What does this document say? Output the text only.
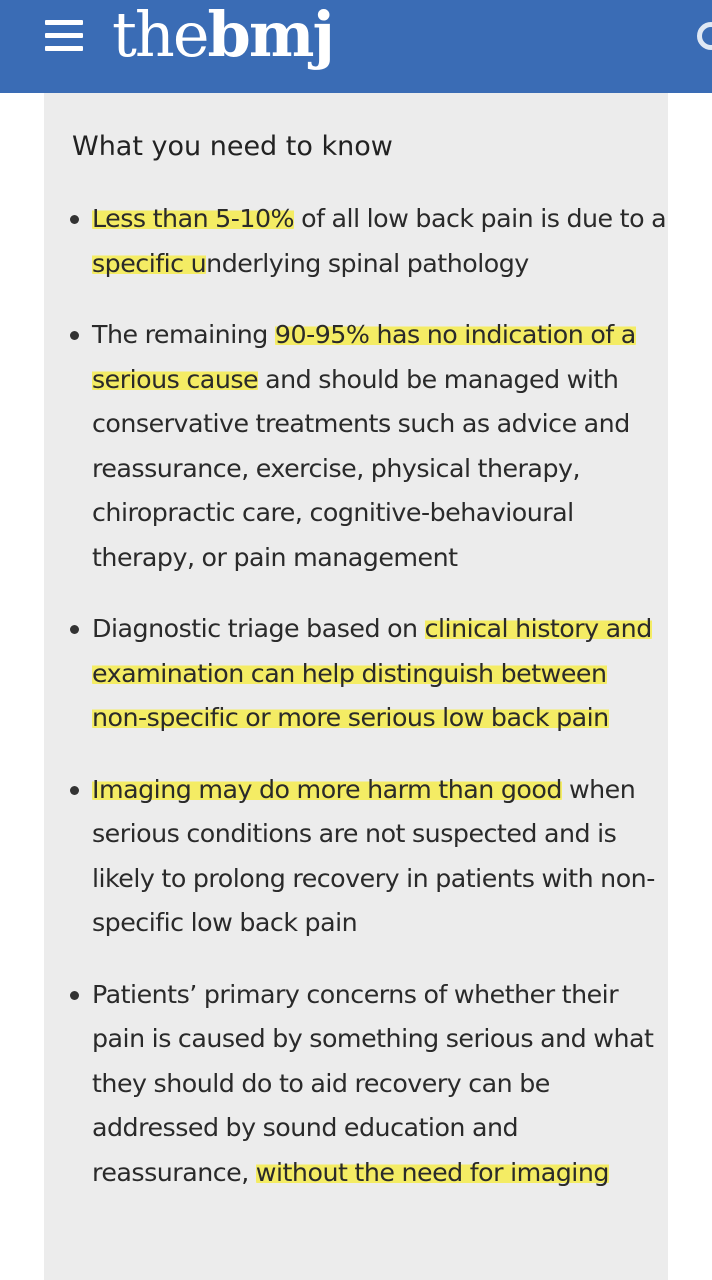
thebmj
What you need to know
Less than 5-10% of all low back pain is due to a specific underlying spinal pathology
The remaining 90-95% has no indication of a serious cause and should be managed with conservative treatments such as advice and reassurance, exercise, physical therapy, chiropractic care, cognitive-behavioural therapy, or pain management
Diagnostic triage based on clinical history and examination can help distinguish between non-specific or more serious low back pain
Imaging may do more harm than good when serious conditions are not suspected and is likely to prolong recovery in patients with non-specific low back pain
Patients’ primary concerns of whether their pain is caused by something serious and what they should do to aid recovery can be addressed by sound education and reassurance, without the need for imaging
